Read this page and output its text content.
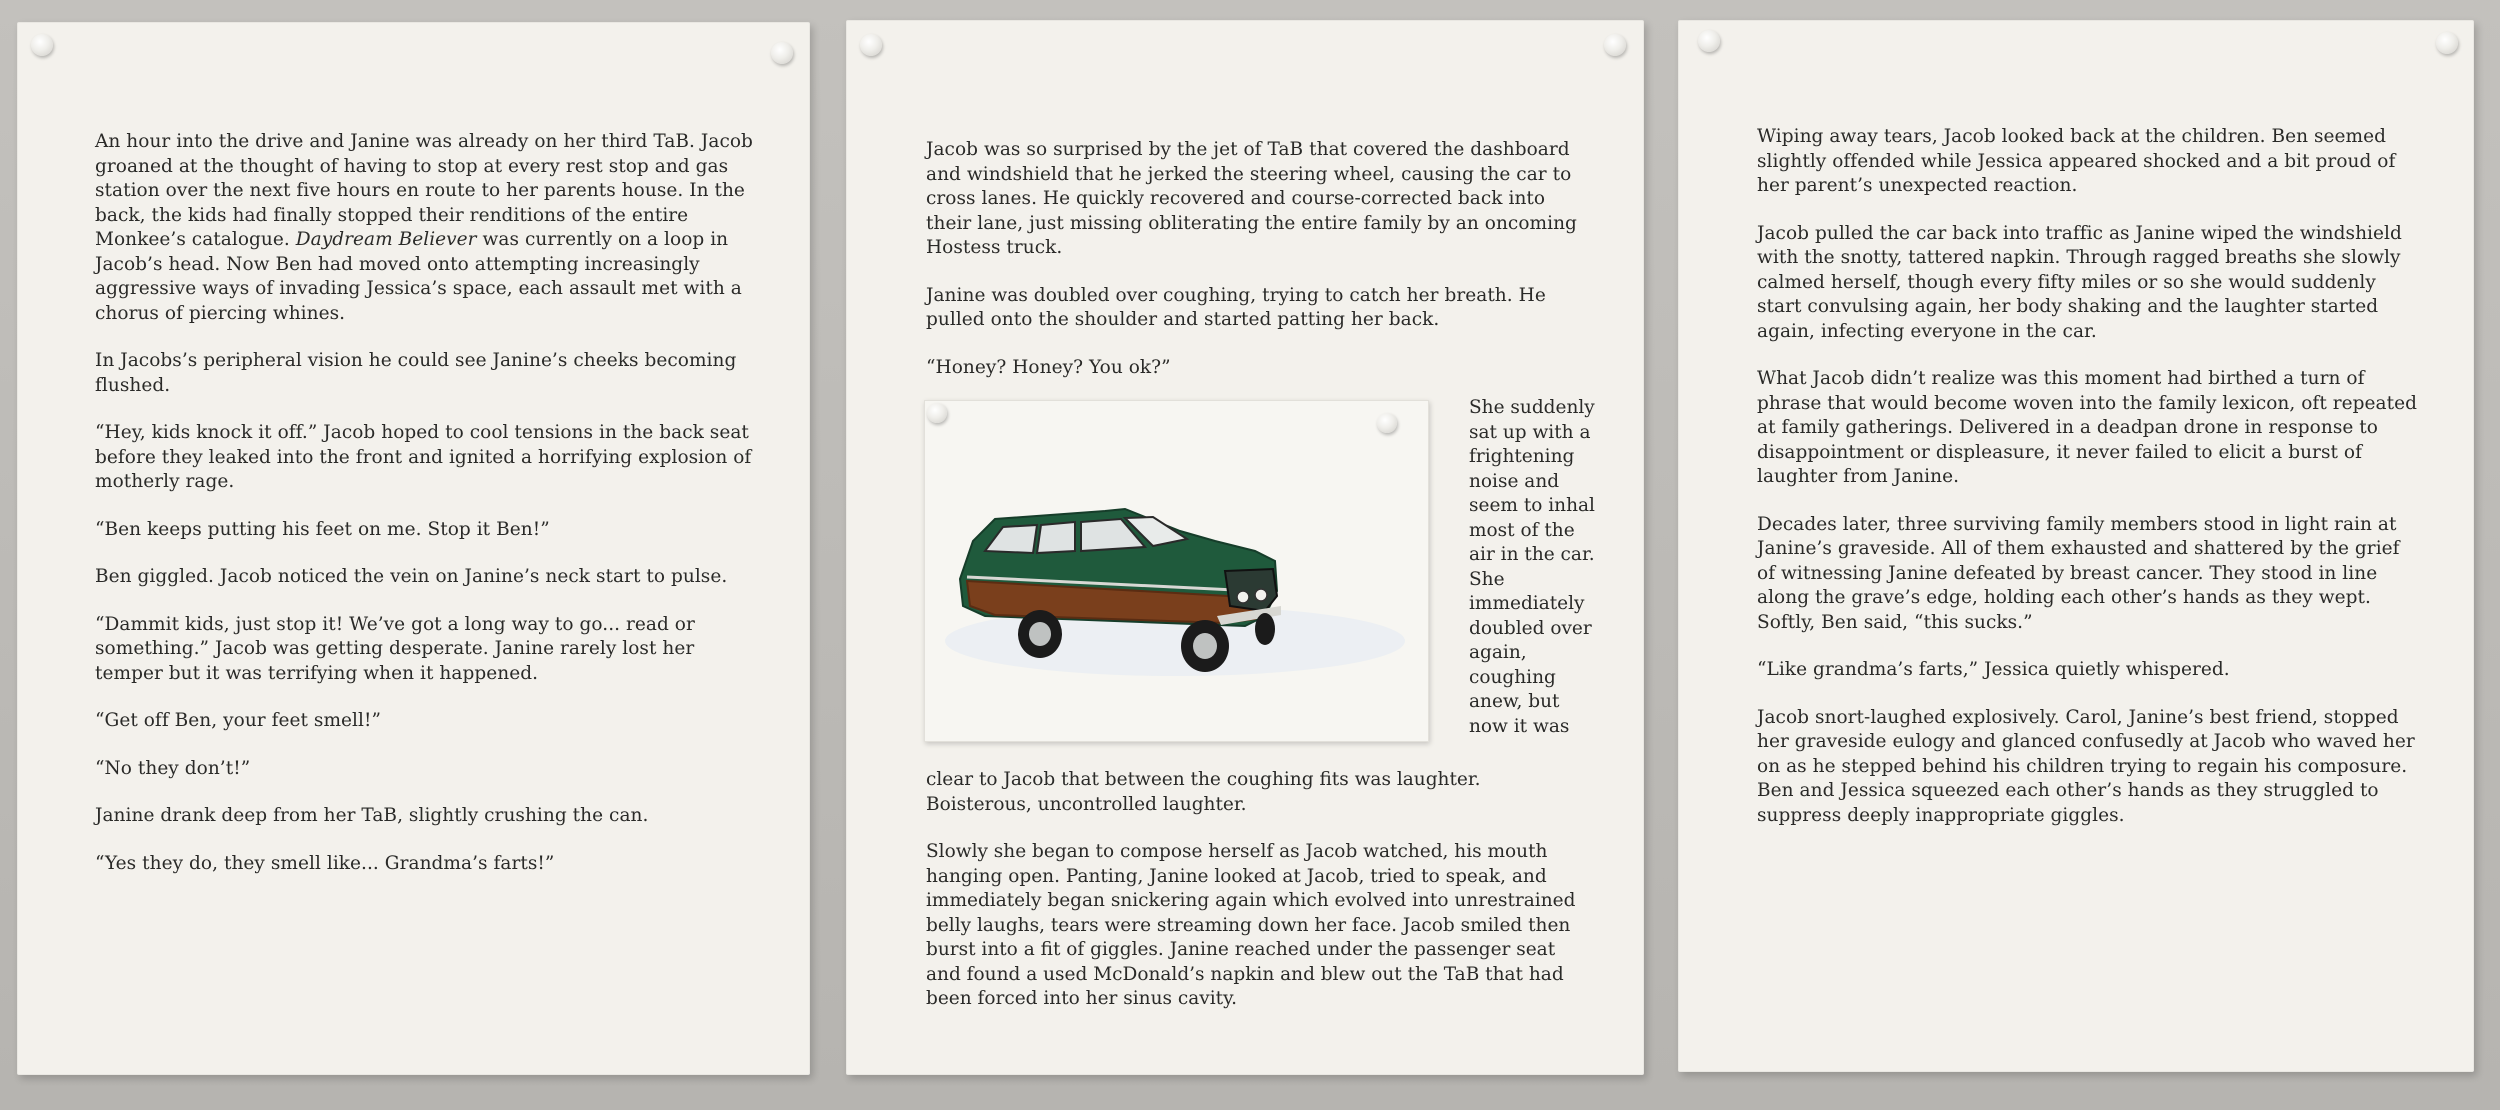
An hour into the drive and Janine was already on her third TaB. Jacob groaned at the thought of having to stop at every rest stop and gas station over the next five hours en route to her parents house. In the back, the kids had finally stopped their renditions of the entire Monkee’s catalogue. Daydream Believer was currently on a loop in Jacob’s head. Now Ben had moved onto attempting increasingly aggressive ways of invading Jessica’s space, each assault met with a chorus of piercing whines.

In Jacobs’s peripheral vision he could see Janine’s cheeks becoming flushed.

“Hey, kids knock it off.” Jacob hoped to cool tensions in the back seat before they leaked into the front and ignited a horrifying explosion of motherly rage.

“Ben keeps putting his feet on me. Stop it Ben!”

Ben giggled. Jacob noticed the vein on Janine’s neck start to pulse.

“Dammit kids, just stop it! We’ve got a long way to go... read or something.” Jacob was getting desperate. Janine rarely lost her temper but it was terrifying when it happened.

“Get off Ben, your feet smell!”

“No they don’t!”

Janine drank deep from her TaB, slightly crushing the can.

“Yes they do, they smell like... Grandma’s farts!”

Jacob was so surprised by the jet of TaB that covered the dashboard and windshield that he jerked the steering wheel, causing the car to cross lanes. He quickly recovered and course-corrected back into their lane, just missing obliterating the entire family by an oncoming Hostess truck.

Janine was doubled over coughing, trying to catch her breath. He pulled onto the shoulder and started patting her back.

“Honey? Honey? You ok?”

She suddenly sat up with a frightening noise and seem to inhal most of the air in the car. She immediately doubled over again, coughing anew, but now it was

clear to Jacob that between the coughing fits was laughter. Boisterous, uncontrolled laughter.

Slowly she began to compose herself as Jacob watched, his mouth hanging open. Panting, Janine looked at Jacob, tried to speak, and immediately began snickering again which evolved into unrestrained belly laughs, tears were streaming down her face. Jacob smiled then burst into a fit of giggles. Janine reached under the passenger seat and found a used McDonald’s napkin and blew out the TaB that had been forced into her sinus cavity.

Wiping away tears, Jacob looked back at the children. Ben seemed slightly offended while Jessica appeared shocked and a bit proud of her parent’s unexpected reaction.

Jacob pulled the car back into traffic as Janine wiped the windshield with the snotty, tattered napkin. Through ragged breaths she slowly calmed herself, though every fifty miles or so she would suddenly start convulsing again, her body shaking and the laughter started again, infecting everyone in the car.

What Jacob didn’t realize was this moment had birthed a turn of phrase that would become woven into the family lexicon, oft repeated at family gatherings. Delivered in a deadpan drone in response to disappointment or displeasure, it never failed to elicit a burst of laughter from Janine.

Decades later, three surviving family members stood in light rain at Janine’s graveside. All of them exhausted and shattered by the grief of witnessing Janine defeated by breast cancer. They stood in line along the grave’s edge, holding each other’s hands as they wept. Softly, Ben said, “this sucks.”

“Like grandma’s farts,” Jessica quietly whispered.

Jacob snort-laughed explosively. Carol, Janine’s best friend, stopped her graveside eulogy and glanced confusedly at Jacob who waved her on as he stepped behind his children trying to regain his composure. Ben and Jessica squeezed each other’s hands as they struggled to suppress deeply inappropriate giggles.
